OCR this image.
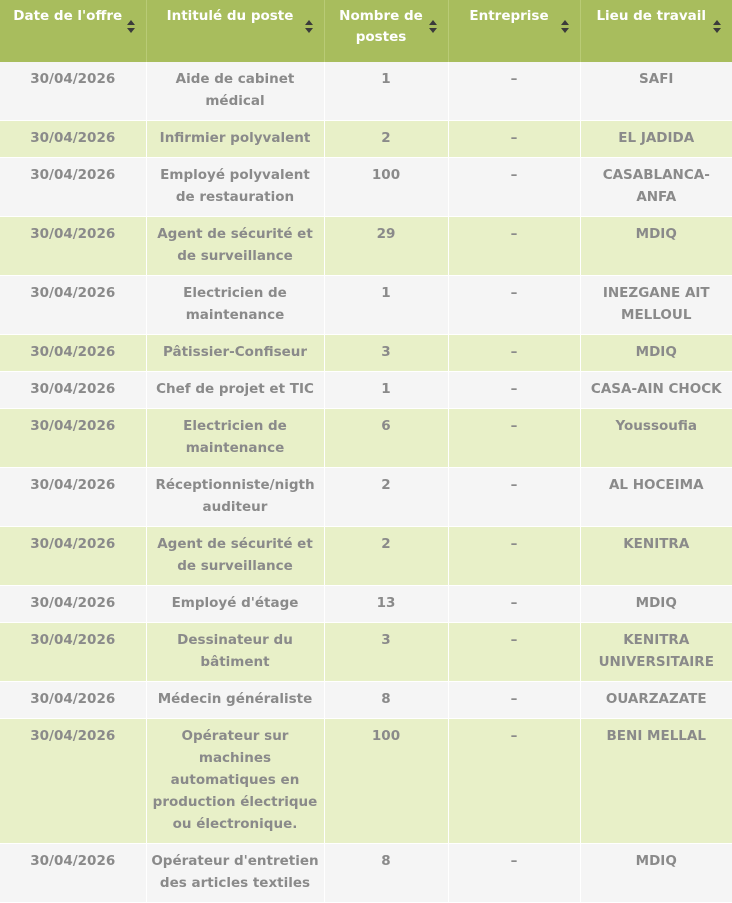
Date de l'offre	Intitulé du poste	Nombre de postes	Entreprise	Lieu de travail

30/04/2026	Aide de cabinet médical	1	–	SAFI
30/04/2026	Infirmier polyvalent	2	–	EL JADIDA
30/04/2026	Employé polyvalent de restauration	100	–	CASABLANCA-ANFA
30/04/2026	Agent de sécurité et de surveillance	29	–	MDIQ
30/04/2026	Electricien de maintenance	1	–	INEZGANE AIT MELLOUL
30/04/2026	Pâtissier-Confiseur	3	–	MDIQ
30/04/2026	Chef de projet et TIC	1	–	CASA-AIN CHOCK
30/04/2026	Electricien de maintenance	6	–	Youssoufia
30/04/2026	Réceptionniste/nigth auditeur	2	–	AL HOCEIMA
30/04/2026	Agent de sécurité et de surveillance	2	–	KENITRA
30/04/2026	Employé d'étage	13	–	MDIQ
30/04/2026	Dessinateur du bâtiment	3	–	KENITRA UNIVERSITAIRE
30/04/2026	Médecin généraliste	8	–	OUARZAZATE
30/04/2026	Opérateur sur machines automatiques en production électrique ou électronique.	100	–	BENI MELLAL
30/04/2026	Opérateur d'entretien des articles textiles	8	–	MDIQ
